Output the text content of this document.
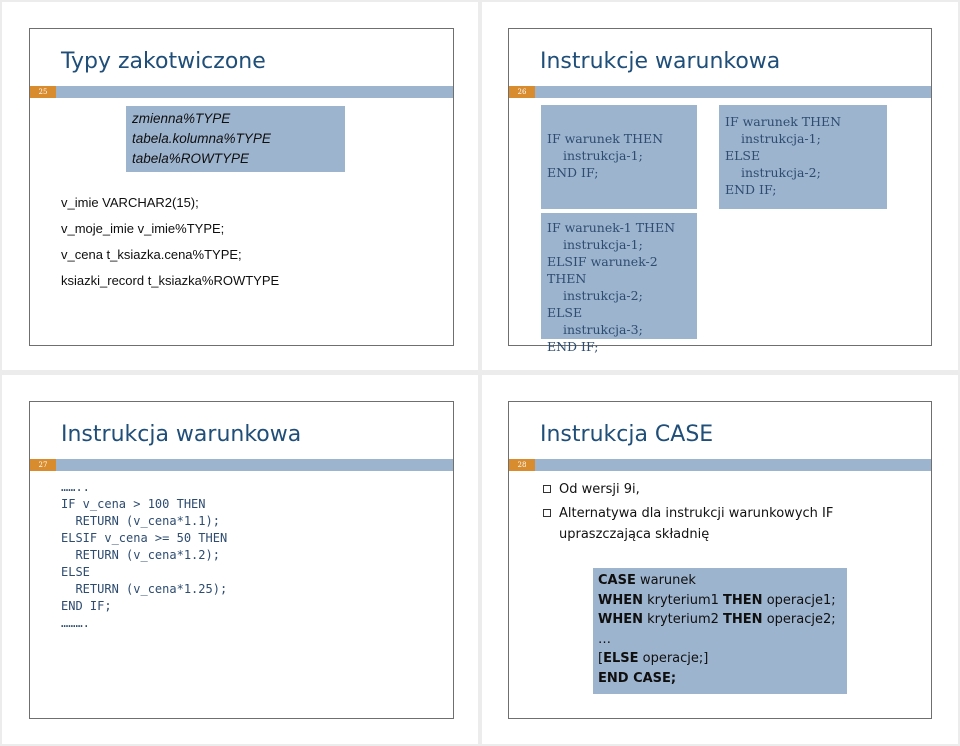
Typy zakotwiczone
25
zmienna%TYPE
tabela.kolumna%TYPE
tabela%ROWTYPE
v_imie VARCHAR2(15);
v_moje_imie v_imie%TYPE;
v_cena t_ksiazka.cena%TYPE;
ksiazki_record t_ksiazka%ROWTYPE
Instrukcje warunkowa
26
IF warunek THEN
instrukcja-1;
END IF;
IF warunek-1 THEN
instrukcja-1;
ELSIF warunek-2 THEN
instrukcja-2;
ELSE
instrukcja-3;
END IF;
IF warunek THEN
instrukcja-1;
ELSE
instrukcja-2;
END IF;
Instrukcja warunkowa
27
……..
IF v_cena > 100 THEN
RETURN (v_cena*1.1);
ELSIF v_cena >= 50 THEN
RETURN (v_cena*1.2);
ELSE
RETURN (v_cena*1.25);
END IF;
……….
Instrukcja CASE
28
Od wersji 9i,
Alternatywa dla instrukcji warunkowych IF upraszczająca składnię
CASE warunek
WHEN kryterium1 THEN operacje1;
WHEN kryterium2 THEN operacje2;
…
[ELSE operacje;]
END CASE;
